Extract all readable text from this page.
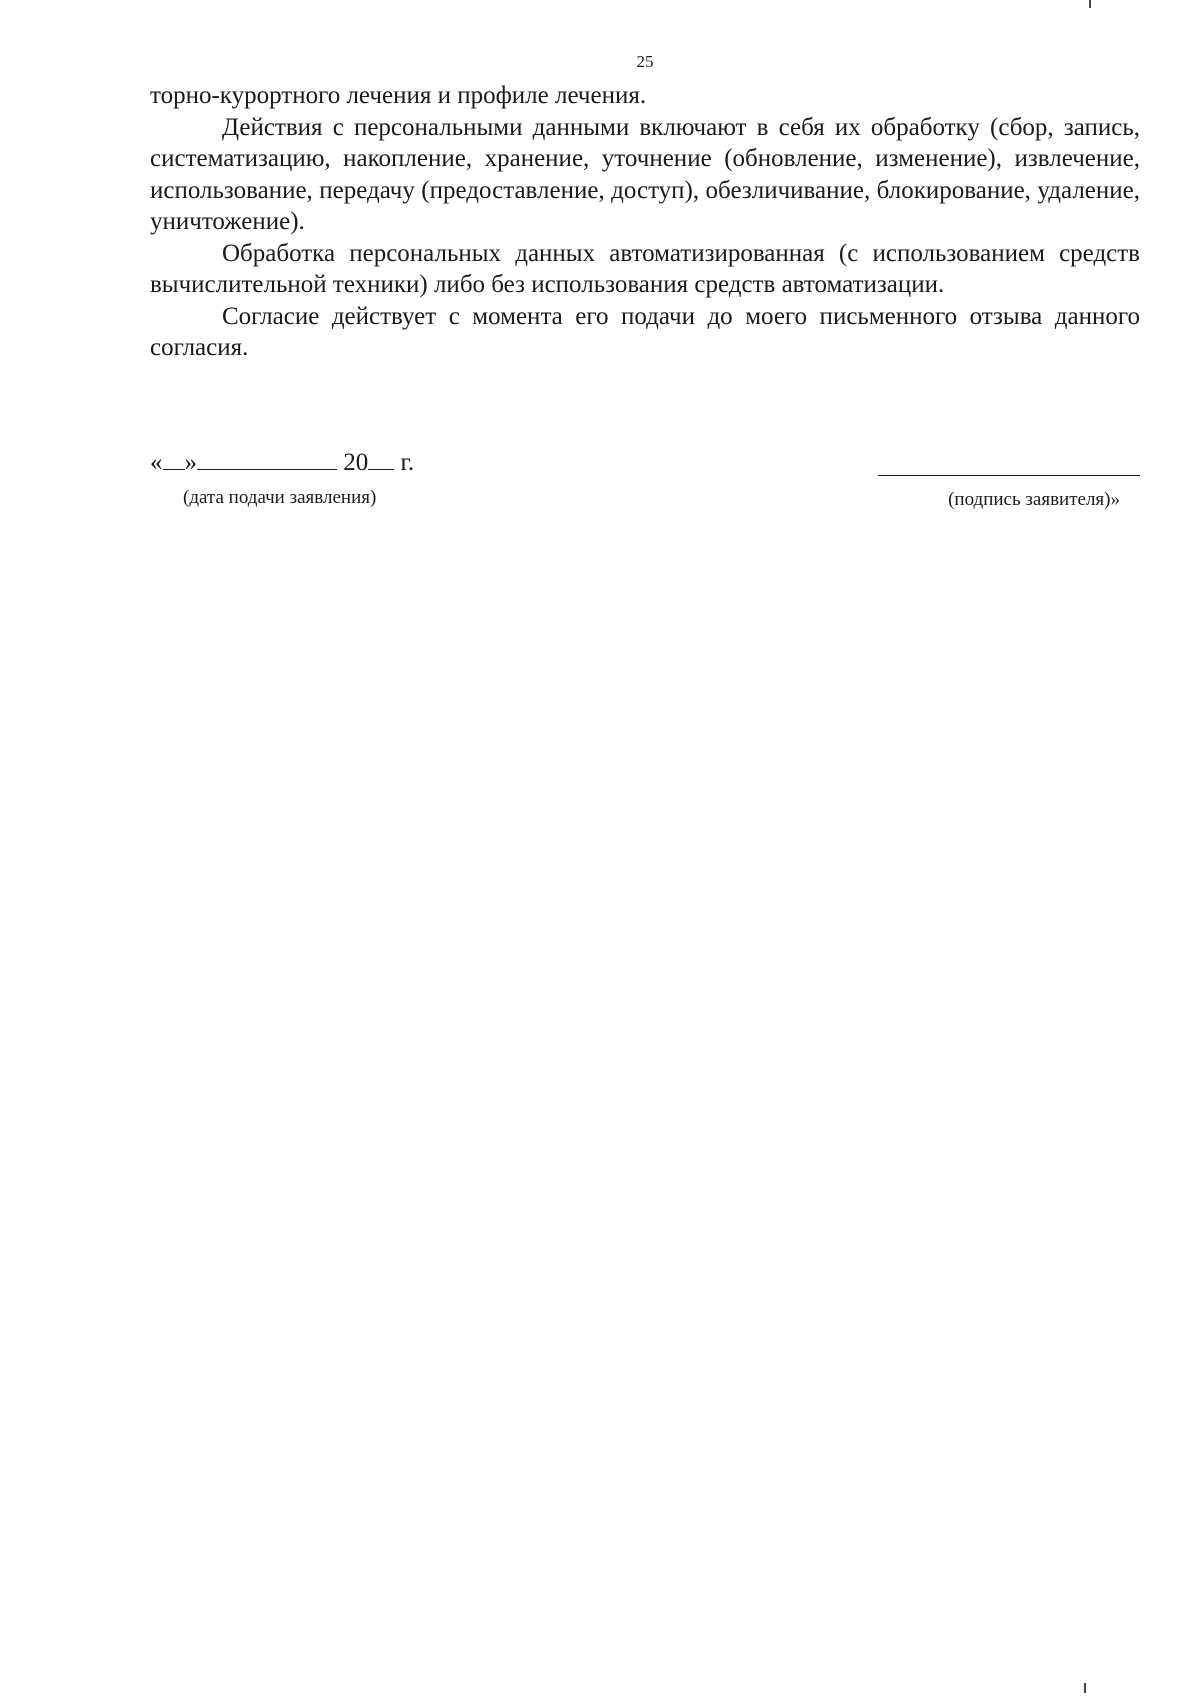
25

торно-курортного лечения и профиле лечения.

Действия с персональными данными включают в себя их обработку (сбор, запись, систематизацию, накопление, хранение, уточнение (обновление, изменение), извлечение, использование, передачу (предоставление, доступ), обезличивание, блокирование, удаление, уничтожение).

Обработка персональных данных автоматизированная (с использованием средств вычислительной техники) либо без использования средств автоматизации.

Согласие действует с момента его подачи до моего письменного отзыва данного согласия.

« »	20 г.
(дата подачи заявления)	(подпись заявителя)»
